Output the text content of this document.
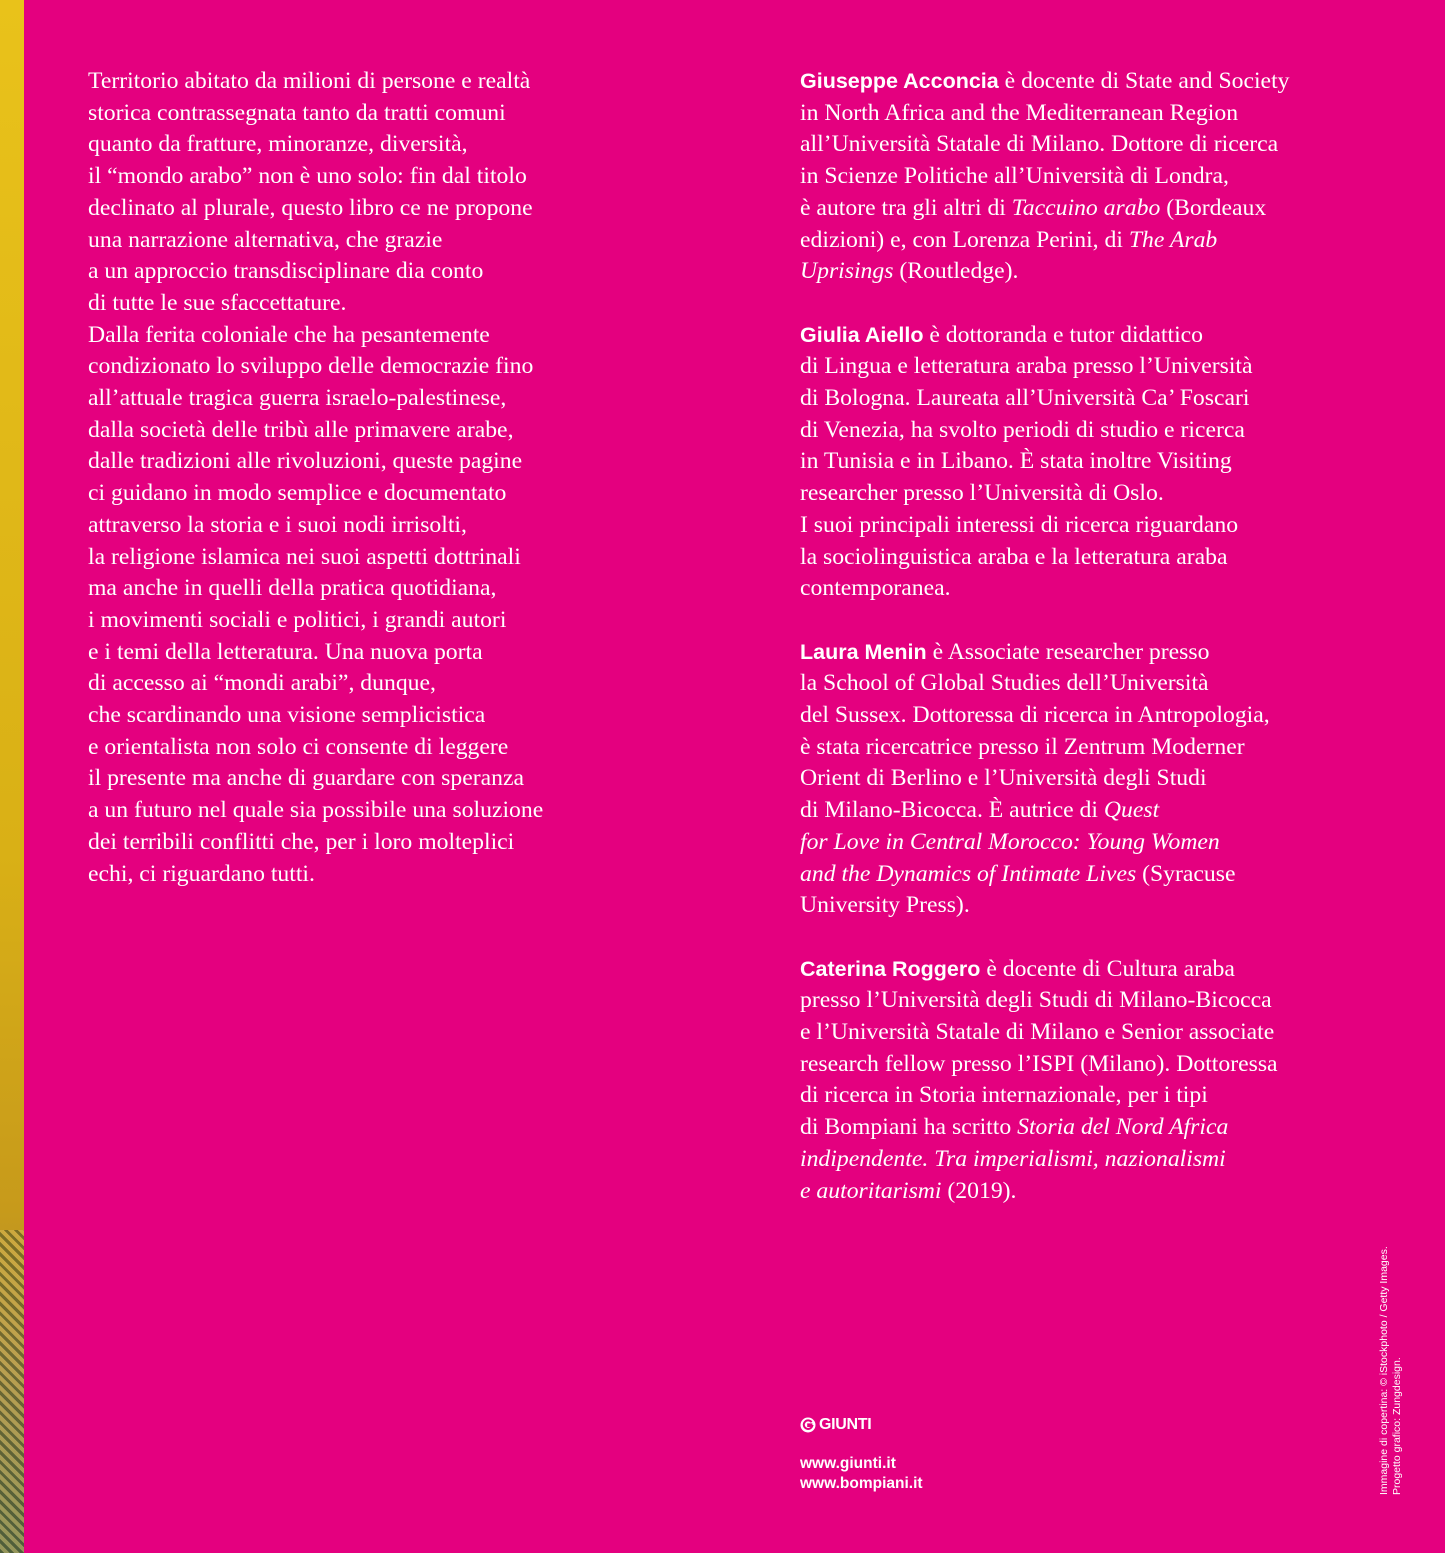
Territorio abitato da milioni di persone e realtà
storica contrassegnata tanto da tratti comuni
quanto da fratture, minoranze, diversità,
il “mondo arabo” non è uno solo: fin dal titolo
declinato al plurale, questo libro ce ne propone
una narrazione alternativa, che grazie
a un approccio transdisciplinare dia conto
di tutte le sue sfaccettature.
Dalla ferita coloniale che ha pesantemente
condizionato lo sviluppo delle democrazie fino
all’attuale tragica guerra israelo-palestinese,
dalla società delle tribù alle primavere arabe,
dalle tradizioni alle rivoluzioni, queste pagine
ci guidano in modo semplice e documentato
attraverso la storia e i suoi nodi irrisolti,
la religione islamica nei suoi aspetti dottrinali
ma anche in quelli della pratica quotidiana,
i movimenti sociali e politici, i grandi autori
e i temi della letteratura. Una nuova porta
di accesso ai “mondi arabi”, dunque,
che scardinando una visione semplicistica
e orientalista non solo ci consente di leggere
il presente ma anche di guardare con speranza
a un futuro nel quale sia possibile una soluzione
dei terribili conflitti che, per i loro molteplici
echi, ci riguardano tutti.
Giuseppe Acconcia è docente di State and Society
in North Africa and the Mediterranean Region
all’Università Statale di Milano. Dottore di ricerca
in Scienze Politiche all’Università di Londra,
è autore tra gli altri di Taccuino arabo (Bordeaux
edizioni) e, con Lorenza Perini, di The Arab
Uprisings (Routledge).
Giulia Aiello è dottoranda e tutor didattico
di Lingua e letteratura araba presso l’Università
di Bologna. Laureata all’Università Ca’ Foscari
di Venezia, ha svolto periodi di studio e ricerca
in Tunisia e in Libano. È stata inoltre Visiting
researcher presso l’Università di Oslo.
I suoi principali interessi di ricerca riguardano
la sociolinguistica araba e la letteratura araba
contemporanea.
Laura Menin è Associate researcher presso
la School of Global Studies dell’Università
del Sussex. Dottoressa di ricerca in Antropologia,
è stata ricercatrice presso il Zentrum Moderner
Orient di Berlino e l’Università degli Studi
di Milano-Bicocca. È autrice di Quest
for Love in Central Morocco: Young Women
and the Dynamics of Intimate Lives (Syracuse
University Press).
Caterina Roggero è docente di Cultura araba
presso l’Università degli Studi di Milano-Bicocca
e l’Università Statale di Milano e Senior associate
research fellow presso l’ISPI (Milano). Dottoressa
di ricerca in Storia internazionale, per i tipi
di Bompiani ha scritto Storia del Nord Africa
indipendente. Tra imperialismi, nazionalismi
e autoritarismi (2019).
GIUNTI
www.giunti.it
www.bompiani.it	Immagine di copertina: © iStockphoto / Getty Images. Progetto grafico: Zungdesign.
